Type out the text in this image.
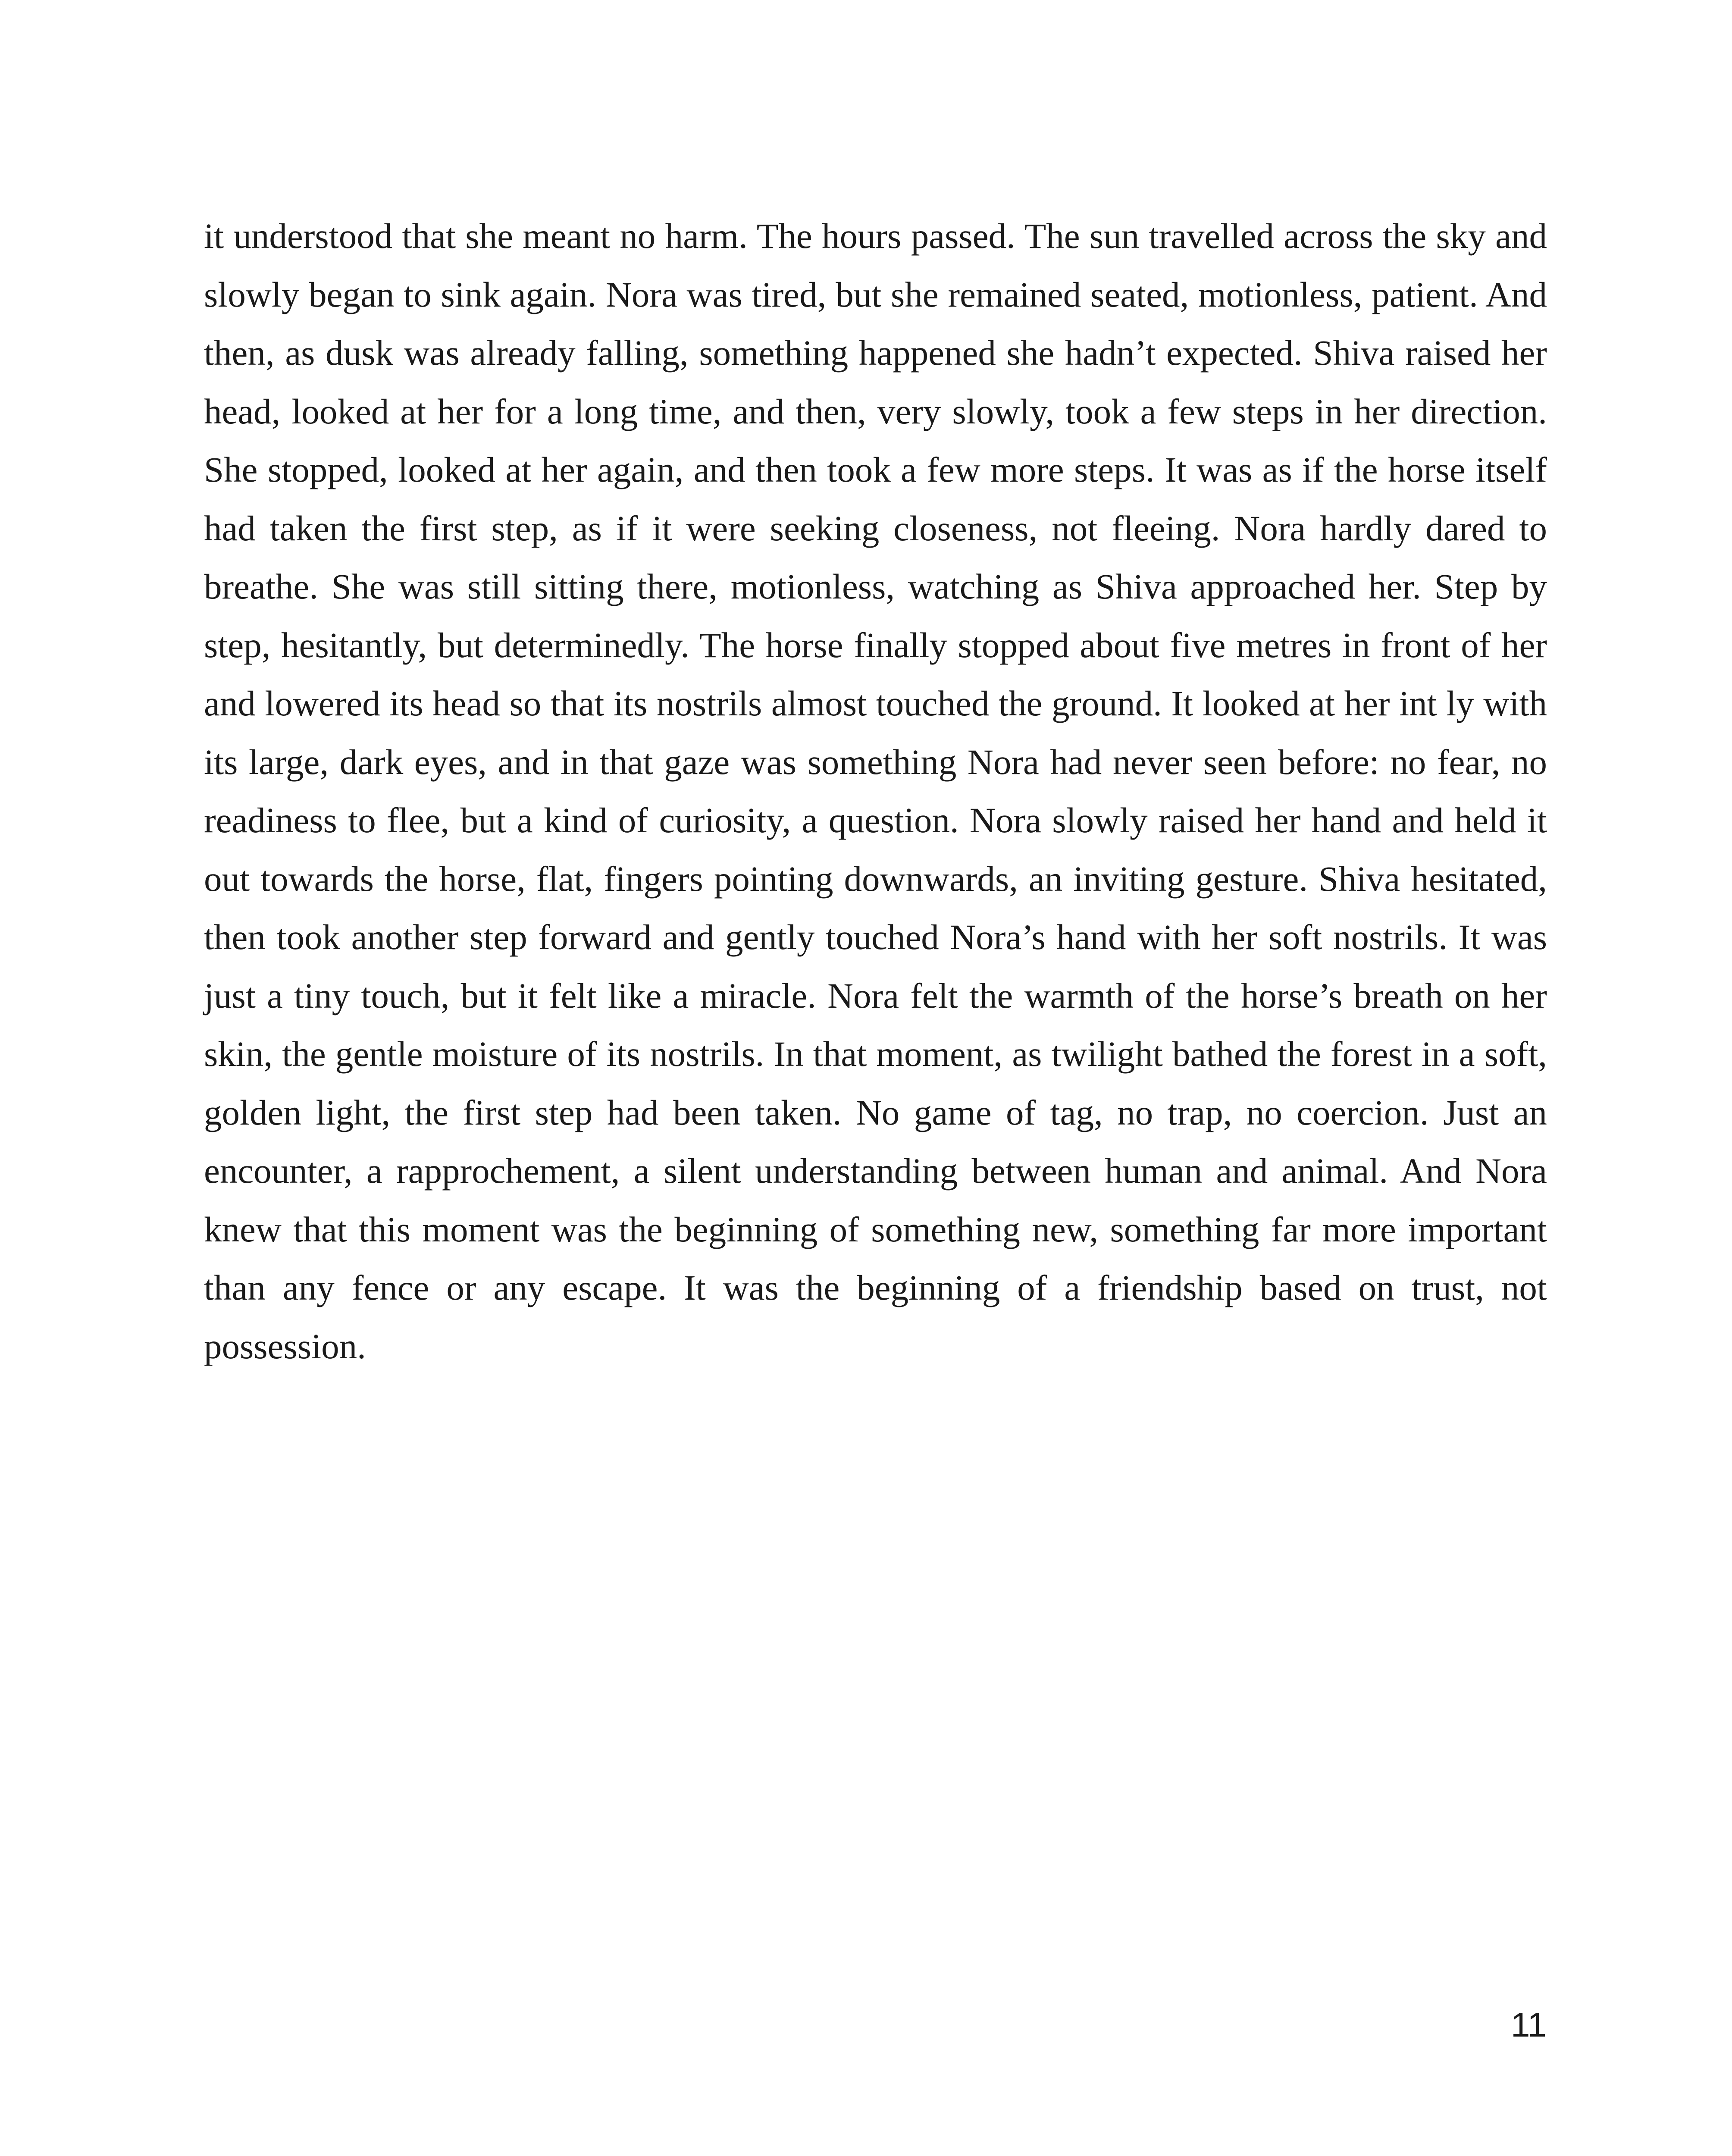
it understood that she meant no harm. The hours passed. The sun travelled across the sky and slowly began to sink again. Nora was tired, but she remained seated, motionless, patient. And then, as dusk was already falling, something happened she hadn’t expected. Shiva raised her head, looked at her for a long time, and then, very slowly, took a few steps in her direction. She stopped, looked at her again, and then took a few more steps. It was as if the horse itself had taken the first step, as if it were seeking closeness, not fleeing. Nora hardly dared to breathe. She was still sitting there, motionless, watching as Shiva approached her. Step by step, hesitantly, but determinedly. The horse finally stopped about five metres in front of her and lowered its head so that its nostrils almost touched the ground. It looked at her int ly with its large, dark eyes, and in that gaze was something Nora had never seen before: no fear, no readiness to flee, but a kind of curiosity, a question. Nora slowly raised her hand and held it out towards the horse, flat, fingers pointing downwards, an inviting gesture. Shiva hesitated, then took another step forward and gently touched Nora’s hand with her soft nostrils. It was just a tiny touch, but it felt like a miracle. Nora felt the warmth of the horse’s breath on her skin, the gentle moisture of its nostrils. In that moment, as twilight bathed the forest in a soft, golden light, the first step had been taken. No game of tag, no trap, no coercion. Just an encounter, a rapprochement, a silent understanding between human and animal. And Nora knew that this moment was the beginning of something new, something far more important than any fence or any escape. It was the beginning of a friendship based on trust, not possession.

11
